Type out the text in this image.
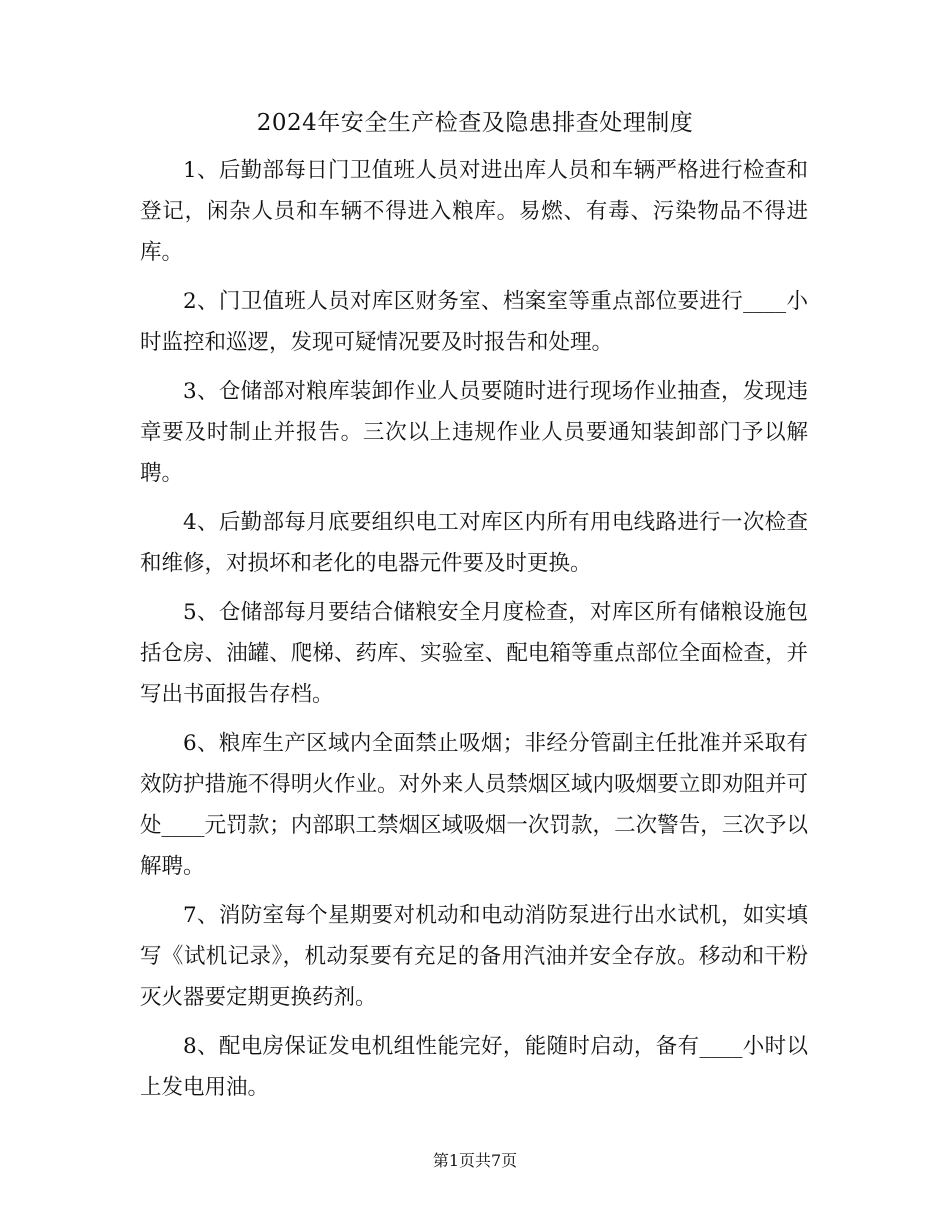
2024年安全生产检查及隐患排查处理制度

1、后勤部每日门卫值班人员对进出库人员和车辆严格进行检查和登记，闲杂人员和车辆不得进入粮库。易燃、有毒、污染物品不得进库。

2、门卫值班人员对库区财务室、档案室等重点部位要进行____小时监控和巡逻，发现可疑情况要及时报告和处理。

3、仓储部对粮库装卸作业人员要随时进行现场作业抽查，发现违章要及时制止并报告。三次以上违规作业人员要通知装卸部门予以解聘。

4、后勤部每月底要组织电工对库区内所有用电线路进行一次检查和维修，对损坏和老化的电器元件要及时更换。

5、仓储部每月要结合储粮安全月度检查，对库区所有储粮设施包括仓房、油罐、爬梯、药库、实验室、配电箱等重点部位全面检查，并写出书面报告存档。

6、粮库生产区域内全面禁止吸烟；非经分管副主任批准并采取有效防护措施不得明火作业。对外来人员禁烟区域内吸烟要立即劝阻并可处____元罚款；内部职工禁烟区域吸烟一次罚款，二次警告，三次予以解聘。

7、消防室每个星期要对机动和电动消防泵进行出水试机，如实填写《试机记录》，机动泵要有充足的备用汽油并安全存放。移动和干粉灭火器要定期更换药剂。

8、配电房保证发电机组性能完好，能随时启动，备有____小时以上发电用油。

第1页共7页
